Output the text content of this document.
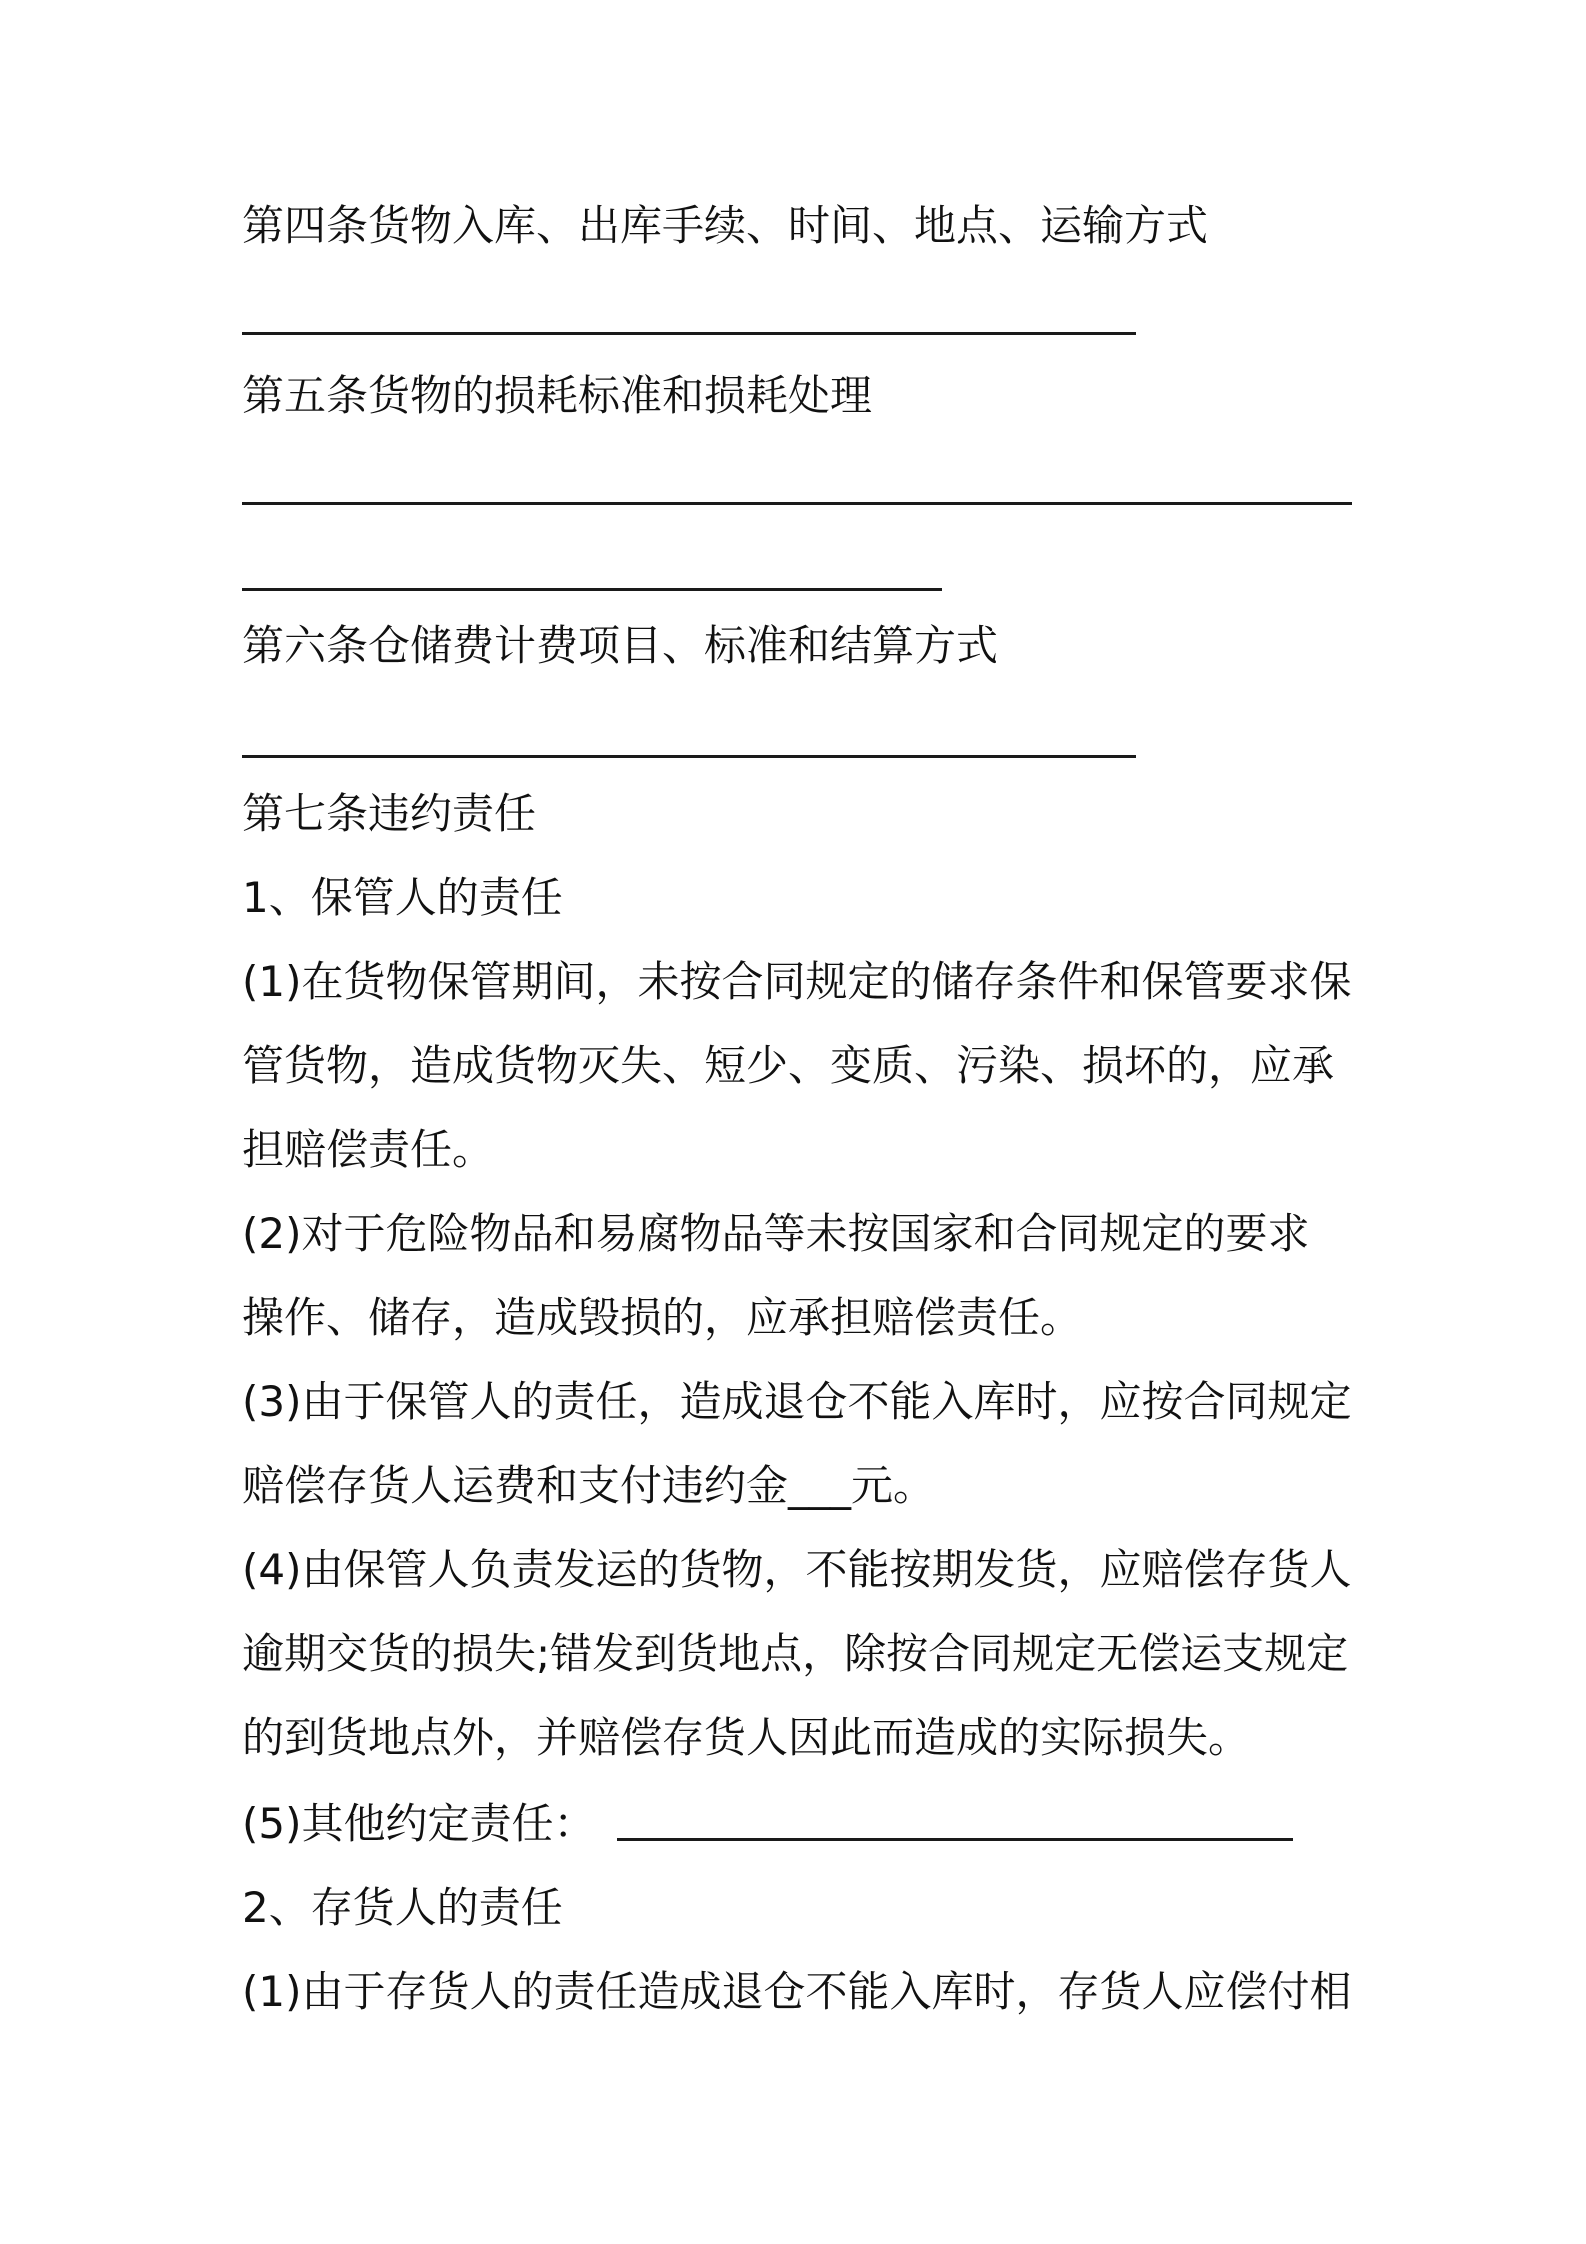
第四条货物入库、出库手续、时间、地点、运输方式
第五条货物的损耗标准和损耗处理
第六条仓储费计费项目、标准和结算方式
第七条违约责任
1、保管人的责任
(1)在货物保管期间，未按合同规定的储存条件和保管要求保
管货物，造成货物灭失、短少、变质、污染、损坏的，应承
担赔偿责任。
(2)对于危险物品和易腐物品等未按国家和合同规定的要求
操作、储存，造成毁损的，应承担赔偿责任。
(3)由于保管人的责任，造成退仓不能入库时，应按合同规定
赔偿存货人运费和支付违约金___元。
(4)由保管人负责发运的货物，不能按期发货，应赔偿存货人
逾期交货的损失;错发到货地点，除按合同规定无偿运支规定
的到货地点外，并赔偿存货人因此而造成的实际损失。
(5)其他约定责任：
2、存货人的责任
(1)由于存货人的责任造成退仓不能入库时，存货人应偿付相
